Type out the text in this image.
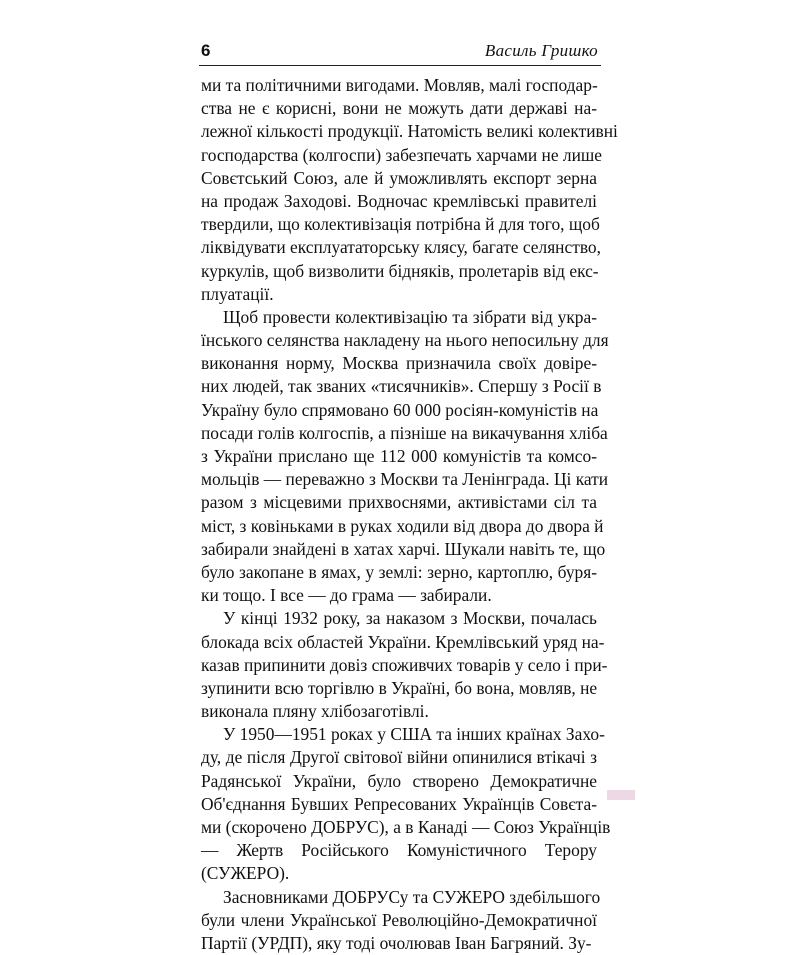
6	Василь Гришко
ми та політичними вигодами. Мовляв, малі господар-
ства не є корисні, вони не можуть дати державі на-
лежної кількості продукції. Натомість великі колективні
господарства (колгоспи) забезпечать харчами не лише
Совєтський Союз, але й уможливлять експорт зерна
на продаж Заходові. Водночас кремлівські правителі
твердили, що колективізація потрібна й для того, щоб
ліквідувати експлуататорську клясу, багате селянство,
куркулів, щоб визволити бідняків, пролетарів від екс-
плуатації.
Щоб провести колективізацію та зібрати від укра-
їнського селянства накладену на нього непосильну для
виконання норму, Москва призначила своїх довіре-
них людей, так званих «тисячників». Спершу з Росії в
Україну було спрямовано 60 000 росіян-комуністів на
посади голів колгоспів, а пізніше на викачування хліба
з України прислано ще 112 000 комуністів та комсо-
мольців — переважно з Москви та Ленінграда. Ці кати
разом з місцевими прихвоснями, активістами сіл та
міст, з ковіньками в руках ходили від двора до двора й
забирали знайдені в хатах харчі. Шукали навіть те, що
було закопане в ямах, у землі: зерно, картоплю, буря-
ки тощо. І все — до грама — забирали.
У кінці 1932 року, за наказом з Москви, почалась
блокада всіх областей України. Кремлівський уряд на-
казав припинити довіз споживчих товарів у село і при-
зупинити всю торгівлю в Україні, бо вона, мовляв, не
виконала пляну хлібозаготівлі.
У 1950—1951 роках у США та інших країнах Захо-
ду, де після Другої світової війни опинилися втікачі з
Радянської України, було створено Демократичне
Об'єднання Бувших Репресованих Українців Совєта-
ми (скорочено ДОБРУС), а в Канаді — Союз Українців
— Жертв Російського Комуністичного Терору
(СУЖЕРО).
Засновниками ДОБРУСу та СУЖЕРО здебільшого
були члени Української Революційно-Демократичної
Партії (УРДП), яку тоді очолював Іван Багряний. Зу-
